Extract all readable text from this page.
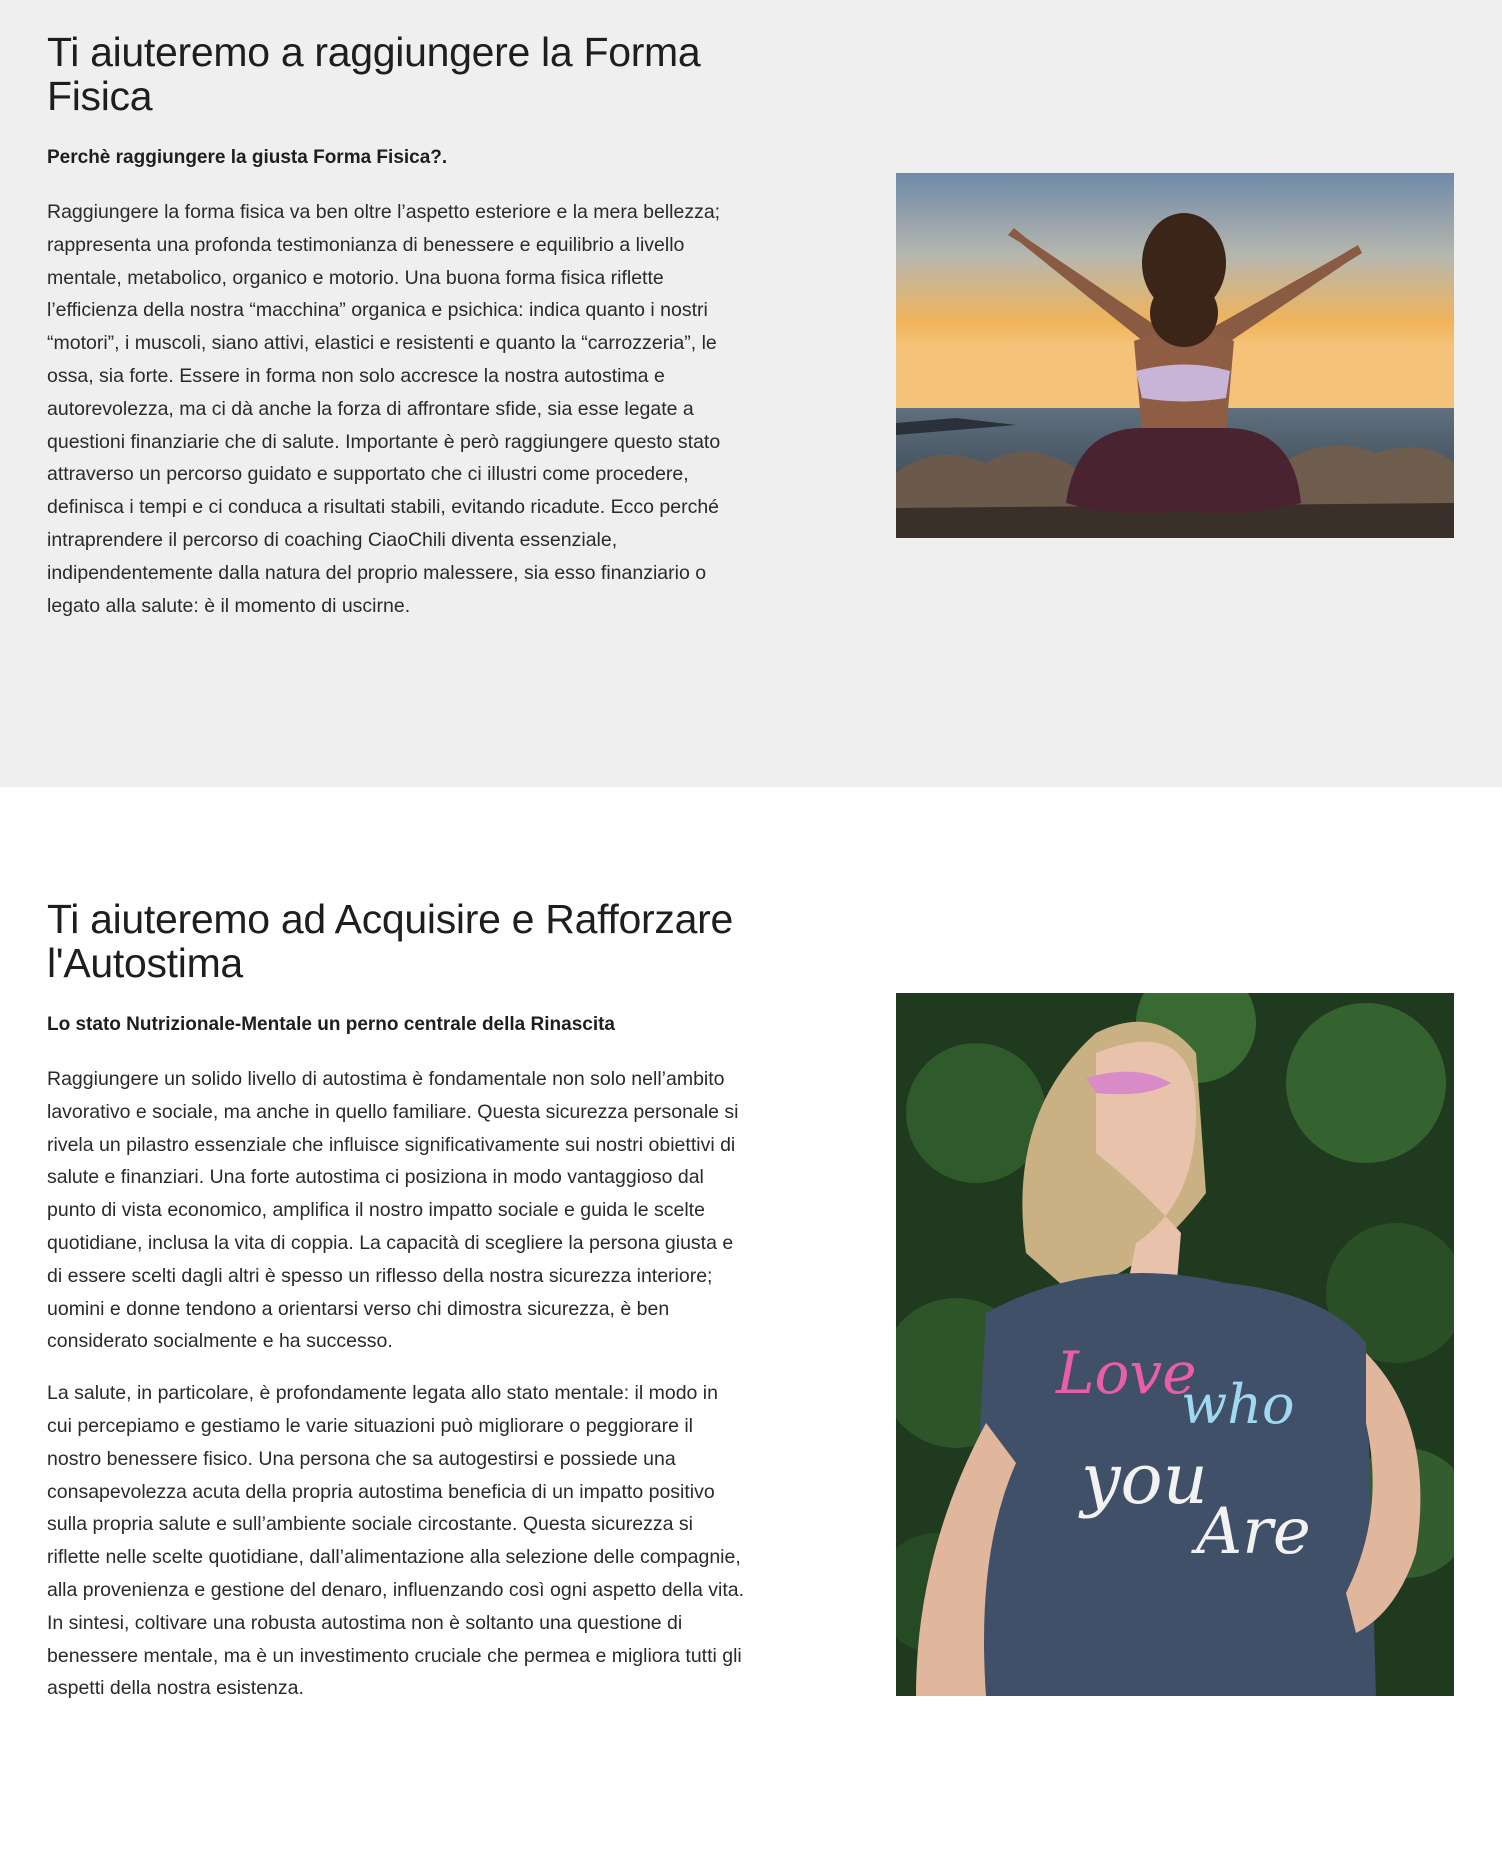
Ti aiuteremo a raggiungere la Forma Fisica
Perchè raggiungere la giusta Forma Fisica?.

Raggiungere la forma fisica va ben oltre l’aspetto esteriore e la mera bellezza; rappresenta una profonda testimonianza di benessere e equilibrio a livello mentale, metabolico, organico e motorio. Una buona forma fisica riflette l’efficienza della nostra “macchina” organica e psichica: indica quanto i nostri “motori”, i muscoli, siano attivi, elastici e resistenti e quanto la “carrozzeria”, le ossa, sia forte. Essere in forma non solo accresce la nostra autostima e autorevolezza, ma ci dà anche la forza di affrontare sfide, sia esse legate a questioni finanziarie che di salute. Importante è però raggiungere questo stato attraverso un percorso guidato e supportato che ci illustri come procedere, definisca i tempi e ci conduca a risultati stabili, evitando ricadute. Ecco perché intraprendere il percorso di coaching CiaoChili diventa essenziale, indipendentemente dalla natura del proprio malessere, sia esso finanziario o legato alla salute: è il momento di uscirne.

Ti aiuteremo ad Acquisire e Rafforzare l'Autostima
Lo stato Nutrizionale-Mentale un perno centrale della Rinascita

Raggiungere un solido livello di autostima è fondamentale non solo nell’ambito lavorativo e sociale, ma anche in quello familiare. Questa sicurezza personale si rivela un pilastro essenziale che influisce significativamente sui nostri obiettivi di salute e finanziari. Una forte autostima ci posiziona in modo vantaggioso dal punto di vista economico, amplifica il nostro impatto sociale e guida le scelte quotidiane, inclusa la vita di coppia. La capacità di scegliere la persona giusta e di essere scelti dagli altri è spesso un riflesso della nostra sicurezza interiore; uomini e donne tendono a orientarsi verso chi dimostra sicurezza, è ben considerato socialmente e ha successo.

La salute, in particolare, è profondamente legata allo stato mentale: il modo in cui percepiamo e gestiamo le varie situazioni può migliorare o peggiorare il nostro benessere fisico. Una persona che sa autogestirsi e possiede una consapevolezza acuta della propria autostima beneficia di un impatto positivo sulla propria salute e sull’ambiente sociale circostante. Questa sicurezza si riflette nelle scelte quotidiane, dall’alimentazione alla selezione delle compagnie, alla provenienza e gestione del denaro, influenzando così ogni aspetto della vita. In sintesi, coltivare una robusta autostima non è soltanto una questione di benessere mentale, ma è un investimento cruciale che permea e migliora tutti gli aspetti della nostra esistenza.

Love
who
you
Are
